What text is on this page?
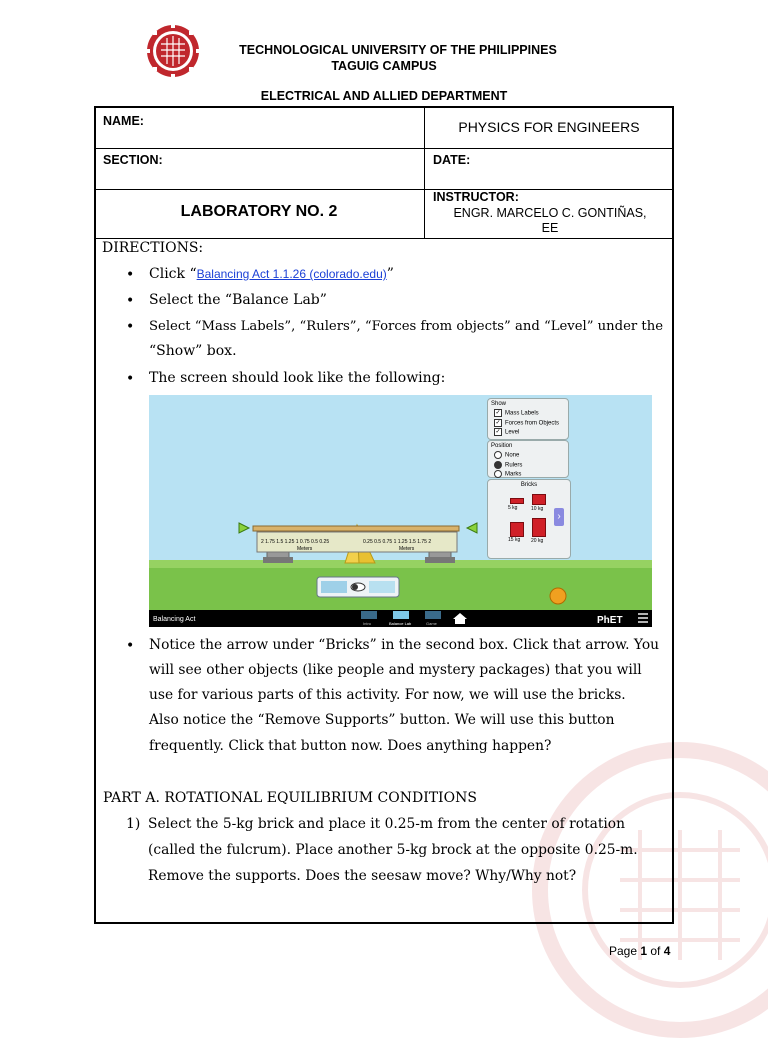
TECHNOLOGICAL UNIVERSITY OF THE PHILIPPINES
TAGUIG CAMPUS
ELECTRICAL AND ALLIED DEPARTMENT
NAME:	PHYSICS FOR ENGINEERS
SECTION:	DATE:
LABORATORY NO. 2
INSTRUCTOR:
ENGR. MARCELO C. GONTIÑAS,
EE
DIRECTIONS:
• Click “Balancing Act 1.1.26 (colorado.edu)”
• Select the “Balance Lab”
• Select “Mass Labels”, “Rulers”, “Forces from objects” and “Level” under the
“Show” box.
• The screen should look like the following:
2 1.75 1.5 1.25 1 0.75 0.5 0.25	0.25 0.5 0.75 1 1.25 1.5 1.75 2
Meters	Meters
Balancing Act
Intro	Balance Lab	Game	PhET
Show
✓ Mass Labels
✓ Forces from Objects
✓ Level
Position
None
Rulers
Marks
Bricks
5 kg	10 kg
15 kg 20 kg
›
• Notice the arrow under “Bricks” in the second box. Click that arrow. You
will see other objects (like people and mystery packages) that you will
use for various parts of this activity. For now, we will use the bricks.
Also notice the “Remove Supports” button. We will use this button
frequently. Click that button now. Does anything happen?
PART A. ROTATIONAL EQUILIBRIUM CONDITIONS
1) Select the 5-kg brick and place it 0.25-m from the center of rotation
(called the fulcrum). Place another 5-kg brock at the opposite 0.25-m.
Remove the supports. Does the seesaw move? Why/Why not?
Page 1 of 4
